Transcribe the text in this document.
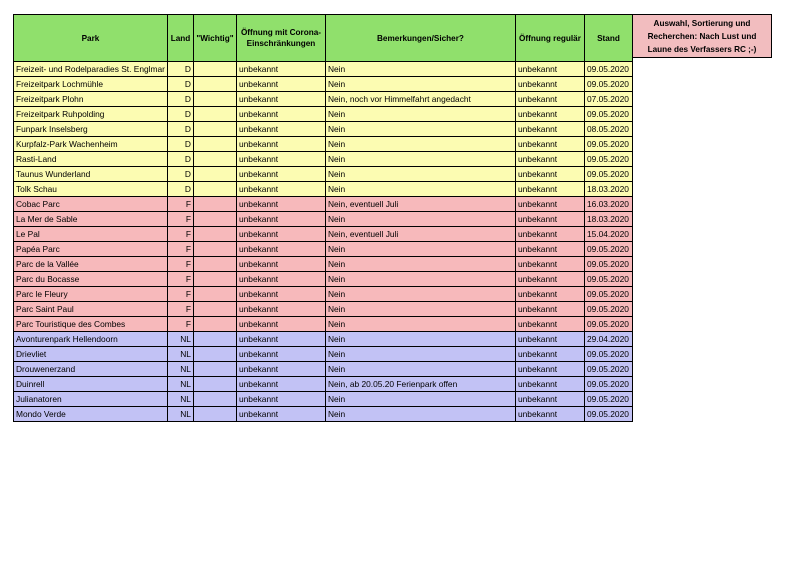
Park	Land	"Wichtig"	Öffnung mit Corona-Einschränkungen	Bemerkungen/Sicher?	Öffnung regulär	Stand
Freizeit- und Rodelparadies St. Englmar	D		unbekannt	Nein	unbekannt	09.05.2020
Freizeitpark Lochmühle	D		unbekannt	Nein	unbekannt	09.05.2020
Freizeitpark Plohn	D		unbekannt	Nein, noch vor Himmelfahrt angedacht	unbekannt	07.05.2020
Freizeitpark Ruhpolding	D		unbekannt	Nein	unbekannt	09.05.2020
Funpark Inselsberg	D		unbekannt	Nein	unbekannt	08.05.2020
Kurpfalz-Park Wachenheim	D		unbekannt	Nein	unbekannt	09.05.2020
Rasti-Land	D		unbekannt	Nein	unbekannt	09.05.2020
Taunus Wunderland	D		unbekannt	Nein	unbekannt	09.05.2020
Tolk Schau	D		unbekannt	Nein	unbekannt	18.03.2020
Cobac Parc	F		unbekannt	Nein, eventuell Juli	unbekannt	16.03.2020
La Mer de Sable	F		unbekannt	Nein	unbekannt	18.03.2020
Le Pal	F		unbekannt	Nein, eventuell Juli	unbekannt	15.04.2020
Papéa Parc	F		unbekannt	Nein	unbekannt	09.05.2020
Parc de la Vallée	F		unbekannt	Nein	unbekannt	09.05.2020
Parc du Bocasse	F		unbekannt	Nein	unbekannt	09.05.2020
Parc le Fleury	F		unbekannt	Nein	unbekannt	09.05.2020
Parc Saint Paul	F		unbekannt	Nein	unbekannt	09.05.2020
Parc Touristique des Combes	F		unbekannt	Nein	unbekannt	09.05.2020
Avonturenpark Hellendoorn	NL		unbekannt	Nein	unbekannt	29.04.2020
Drievliet	NL		unbekannt	Nein	unbekannt	09.05.2020
Drouwenerzand	NL		unbekannt	Nein	unbekannt	09.05.2020
Duinrell	NL		unbekannt	Nein, ab 20.05.20 Ferienpark offen	unbekannt	09.05.2020
Julianatoren	NL		unbekannt	Nein	unbekannt	09.05.2020
Mondo Verde	NL		unbekannt	Nein	unbekannt	09.05.2020
Auswahl, Sortierung und Recherchen: Nach Lust und Laune des Verfassers RC ;-)
